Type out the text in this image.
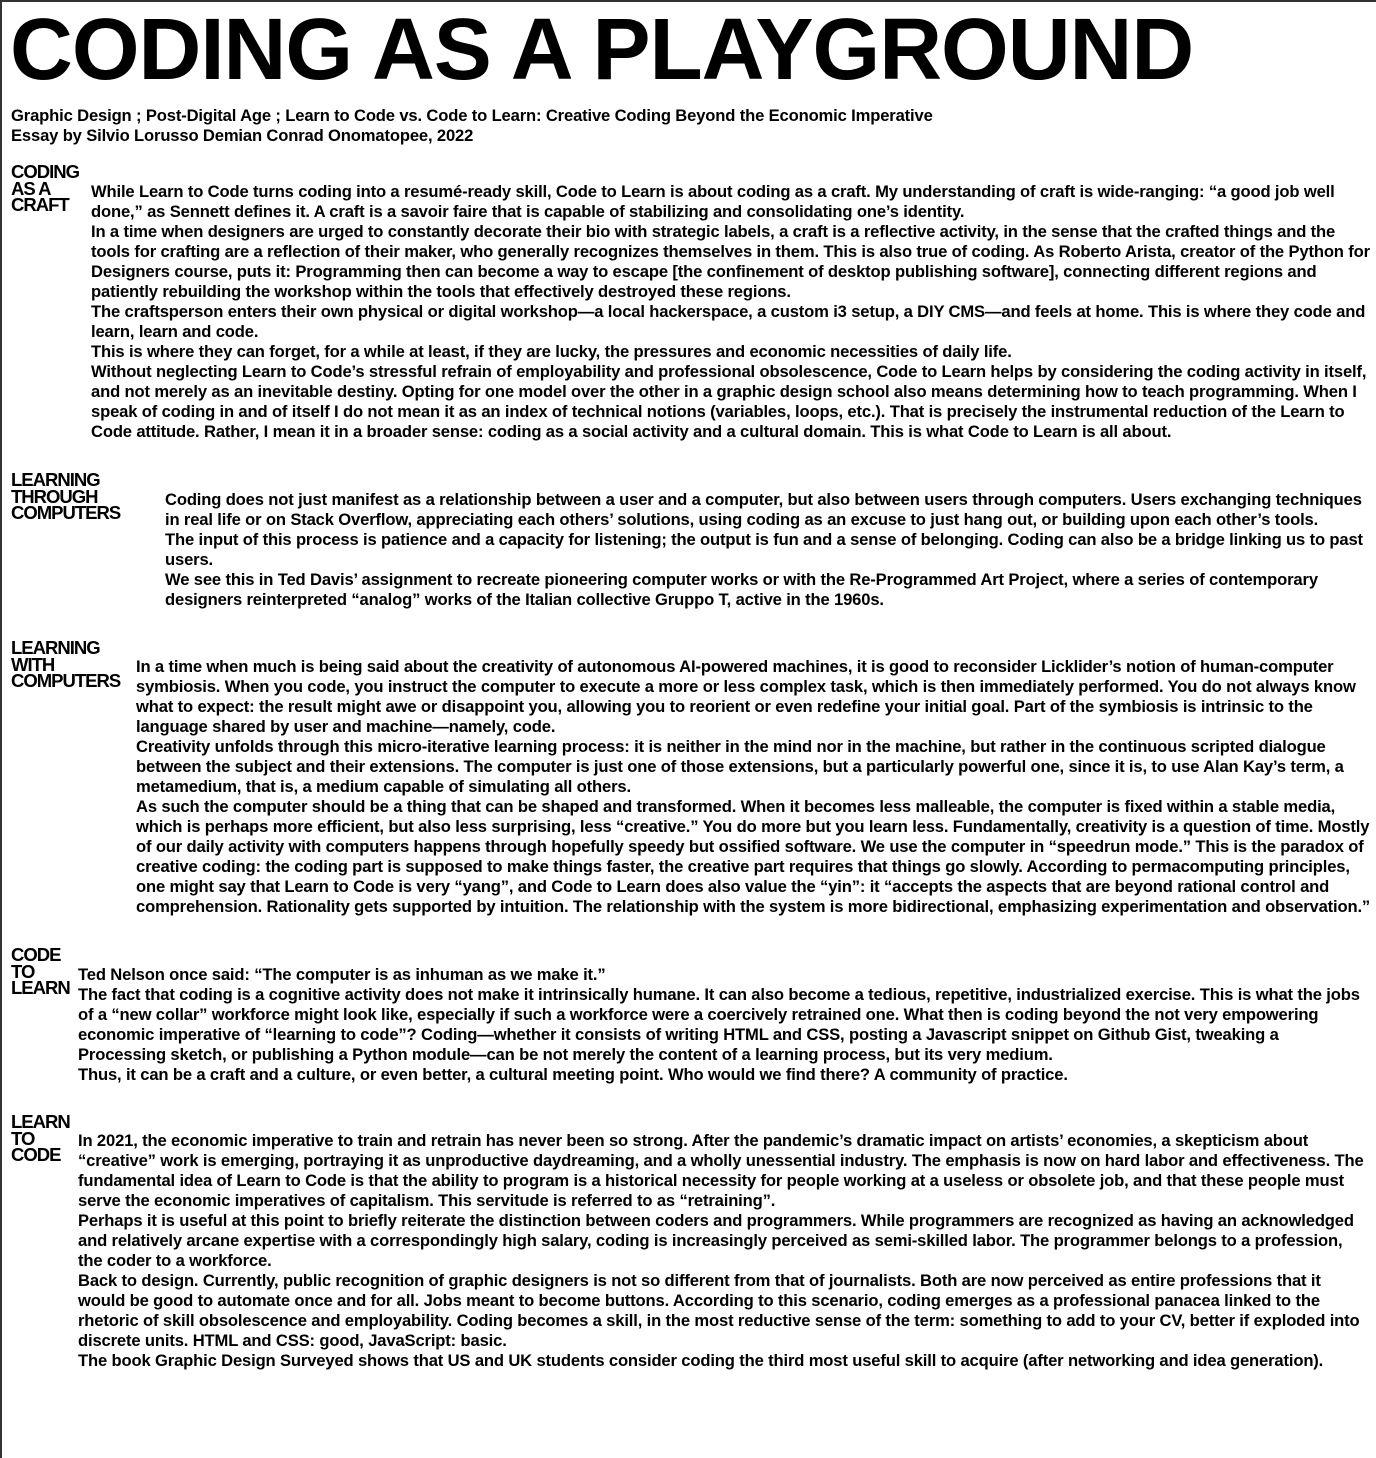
CODING AS A PLAYGROUND
Graphic Design ; Post-Digital Age ; Learn to Code vs. Code to Learn: Creative Coding Beyond the Economic Imperative
Essay by Silvio Lorusso Demian Conrad Onomatopee, 2022
CODING
AS A
CRAFT

While Learn to Code turns coding into a resumé-ready skill, Code to Learn is about coding as a craft. My understanding of craft is wide-ranging: “a good job well done,” as Sennett defines it. A craft is a savoir faire that is capable of stabilizing and consolidating one’s identity.

In a time when designers are urged to constantly decorate their bio with strategic labels, a craft is a reflective activity, in the sense that the crafted things and the tools for crafting are a reflection of their maker, who generally recognizes themselves in them. This is also true of coding. As Roberto Arista, creator of the Python for Designers course, puts it: Programming then can become a way to escape [the confinement of desktop publishing software], connecting different regions and patiently rebuilding the workshop within the tools that effectively destroyed these regions.

The craftsperson enters their own physical or digital workshop—a local hackerspace, a custom i3 setup, a DIY CMS—and feels at home. This is where they code and learn, learn and code.

This is where they can forget, for a while at least, if they are lucky, the pressures and economic necessities of daily life.

Without neglecting Learn to Code’s stressful refrain of employability and professional obsolescence, Code to Learn helps by considering the coding activity in itself, and not merely as an inevitable destiny. Opting for one model over the other in a graphic design school also means determining how to teach programming. When I speak of coding in and of itself I do not mean it as an index of technical notions (variables, loops, etc.). That is precisely the instrumental reduction of the Learn to Code attitude. Rather, I mean it in a broader sense: coding as a social activity and a cultural domain. This is what Code to Learn is all about.

LEARNING
THROUGH
COMPUTERS

Coding does not just manifest as a relationship between a user and a computer, but also between users through computers. Users exchanging techniques in real life or on Stack Overflow, appreciating each others’ solutions, using coding as an excuse to just hang out, or building upon each other’s tools.

The input of this process is patience and a capacity for listening; the output is fun and a sense of belonging. Coding can also be a bridge linking us to past users.

We see this in Ted Davis’ assignment to recreate pioneering computer works or with the Re-Programmed Art Project, where a series of contemporary designers reinterpreted “analog” works of the Italian collective Gruppo T, active in the 1960s.

LEARNING
WITH
COMPUTERS

In a time when much is being said about the creativity of autonomous AI-powered machines, it is good to reconsider Licklider’s notion of human-computer symbiosis. When you code, you instruct the computer to execute a more or less complex task, which is then immediately performed. You do not always know what to expect: the result might awe or disappoint you, allowing you to reorient or even redefine your initial goal. Part of the symbiosis is intrinsic to the language shared by user and machine—namely, code.

Creativity unfolds through this micro-iterative learning process: it is neither in the mind nor in the machine, but rather in the continuous scripted dialogue between the subject and their extensions. The computer is just one of those extensions, but a particularly powerful one, since it is, to use Alan Kay’s term, a metamedium, that is, a medium capable of simulating all others.

As such the computer should be a thing that can be shaped and transformed. When it becomes less malleable, the computer is fixed within a stable media, which is perhaps more efficient, but also less surprising, less “creative.” You do more but you learn less. Fundamentally, creativity is a question of time. Mostly of our daily activity with computers happens through hopefully speedy but ossified software. We use the computer in “speedrun mode.” This is the paradox of creative coding: the coding part is supposed to make things faster, the creative part requires that things go slowly. According to permacomputing principles, one might say that Learn to Code is very “yang”, and Code to Learn does also value the “yin”: it “accepts the aspects that are beyond rational control and comprehension. Rationality gets supported by intuition. The relationship with the system is more bidirectional, emphasizing experimentation and observation.”

CODE
TO
LEARN

Ted Nelson once said: “The computer is as inhuman as we make it.”

The fact that coding is a cognitive activity does not make it intrinsically humane. It can also become a tedious, repetitive, industrialized exercise. This is what the jobs of a “new collar” workforce might look like, especially if such a workforce were a coercively retrained one. What then is coding beyond the not very empowering economic imperative of “learning to code”? Coding—whether it consists of writing HTML and CSS, posting a Javascript snippet on Github Gist, tweaking a Processing sketch, or publishing a Python module—can be not merely the content of a learning process, but its very medium.

Thus, it can be a craft and a culture, or even better, a cultural meeting point. Who would we find there? A community of practice.

LEARN
TO
CODE

In 2021, the economic imperative to train and retrain has never been so strong. After the pandemic’s dramatic impact on artists’ economies, a skepticism about “creative” work is emerging, portraying it as unproductive daydreaming, and a wholly unessential industry. The emphasis is now on hard labor and effectiveness. The fundamental idea of Learn to Code is that the ability to program is a historical necessity for people working at a useless or obsolete job, and that these people must serve the economic imperatives of capitalism. This servitude is referred to as “retraining”.

Perhaps it is useful at this point to briefly reiterate the distinction between coders and programmers. While programmers are recognized as having an acknowledged and relatively arcane expertise with a correspondingly high salary, coding is increasingly perceived as semi-skilled labor. The programmer belongs to a profession, the coder to a workforce.

Back to design. Currently, public recognition of graphic designers is not so different from that of journalists. Both are now perceived as entire professions that it would be good to automate once and for all. Jobs meant to become buttons. According to this scenario, coding emerges as a professional panacea linked to the rhetoric of skill obsolescence and employability. Coding becomes a skill, in the most reductive sense of the term: something to add to your CV, better if exploded into discrete units. HTML and CSS: good, JavaScript: basic.

The book Graphic Design Surveyed shows that US and UK students consider coding the third most useful skill to acquire (after networking and idea generation).
